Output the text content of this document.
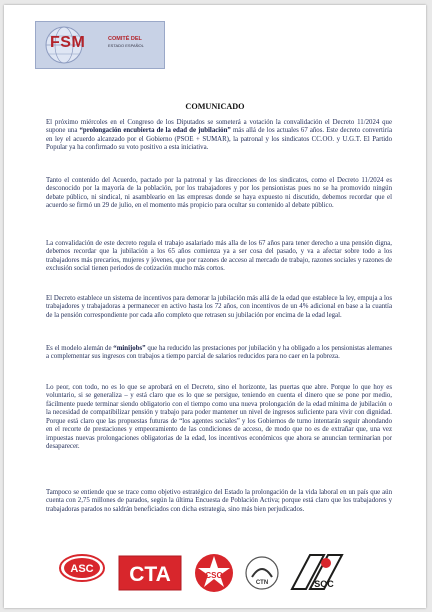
FSM	COMITÉ DEL
ESTADO ESPAÑOL
COMUNICADO

El próximo miércoles en el Congreso de los Diputados se someterá a votación la convalidación el Decreto 11/2024 que supone una “prolongación encubierta de la edad de jubilación” más allá de los actuales 67 años. Este decreto convertiría en ley el acuerdo alcanzado por el Gobierno (PSOE + SUMAR), la patronal y los sindicatos CC.OO. y U.G.T. El Partido Popular ya ha confirmado su voto positivo a esta iniciativa.

Tanto el contenido del Acuerdo, pactado por la patronal y las direcciones de los sindicatos, como el Decreto 11/2024 es desconocido por la mayoría de la población, por los trabajadores y por los pensionistas pues no se ha promovido ningún debate público, ni sindical, ni asambleario en las empresas donde se haya expuesto ni discutido, debemos recordar que el acuerdo se firmó un 29 de julio, en el momento más propicio para ocultar su contenido al debate público.

La convalidación de este decreto regula el trabajo asalariado más alla de los 67 años para tener derecho a una pensión digna, debemos recordar que la jubilación a los 65 años comienza ya a ser cosa del pasado, y va a afectar sobre todo a los trabajadores más precarios, mujeres y jóvenes, que por razones de acceso al mercado de trabajo, razones sociales y razones de exclusión social tienen periodos de cotización mucho más cortos.

El Decreto establece un sistema de incentivos para demorar la jubilación más allá de la edad que establece la ley, empuja a los trabajadores y trabajadoras a permanecer en activo hasta los 72 años, con incentivos de un 4% adicional en base a la cuantía de la pensión correspondiente por cada año completo que retrasen su jubilación por encima de la edad legal.

Es el modelo alemán de “minijobs” que ha reducido las prestaciones por jubilación y ha obligado a los pensionistas alemanes a complementar sus ingresos con trabajos a tiempo parcial de salarios reducidos para no caer en la pobreza.

Lo peor, con todo, no es lo que se aprobará en el Decreto, sino el horizonte, las puertas que abre. Porque lo que hoy es voluntario, si se generaliza – y está claro que es lo que se persigue, teniendo en cuenta el dinero que se pone por medio, fácilmente puede terminar siendo obligatorio con el tiempo como una nueva prolongación de la edad mínima de jubilación o la necesidad de compatibilizar pensión y trabajo para poder mantener un nivel de ingresos suficiente para vivir con dignidad. Porque está claro que las propuestas futuras de “los agentes sociales” y los Gobiernos de turno intentarán seguir ahondando en el recorte de prestaciones y empeoramiento de las condiciones de acceso, de modo que no es de extrañar que, una vez impuestas nuevas prolongaciones obligatorias de la edad, los incentivos económicos que ahora se anuncian terminarían por desaparecer.

Tampoco se entiende que se trace como objetivo estratégico del Estado la prolongación de la vida laboral en un país que aún cuenta con 2,75 millones de parados, según la última Encuesta de Población Activa; porque está claro que los trabajadores y trabajadoras parados no saldrán beneficiados con dicha estrategia, sino más bien perjudicados.

ASC CTA	CSO
CTN	SOC
